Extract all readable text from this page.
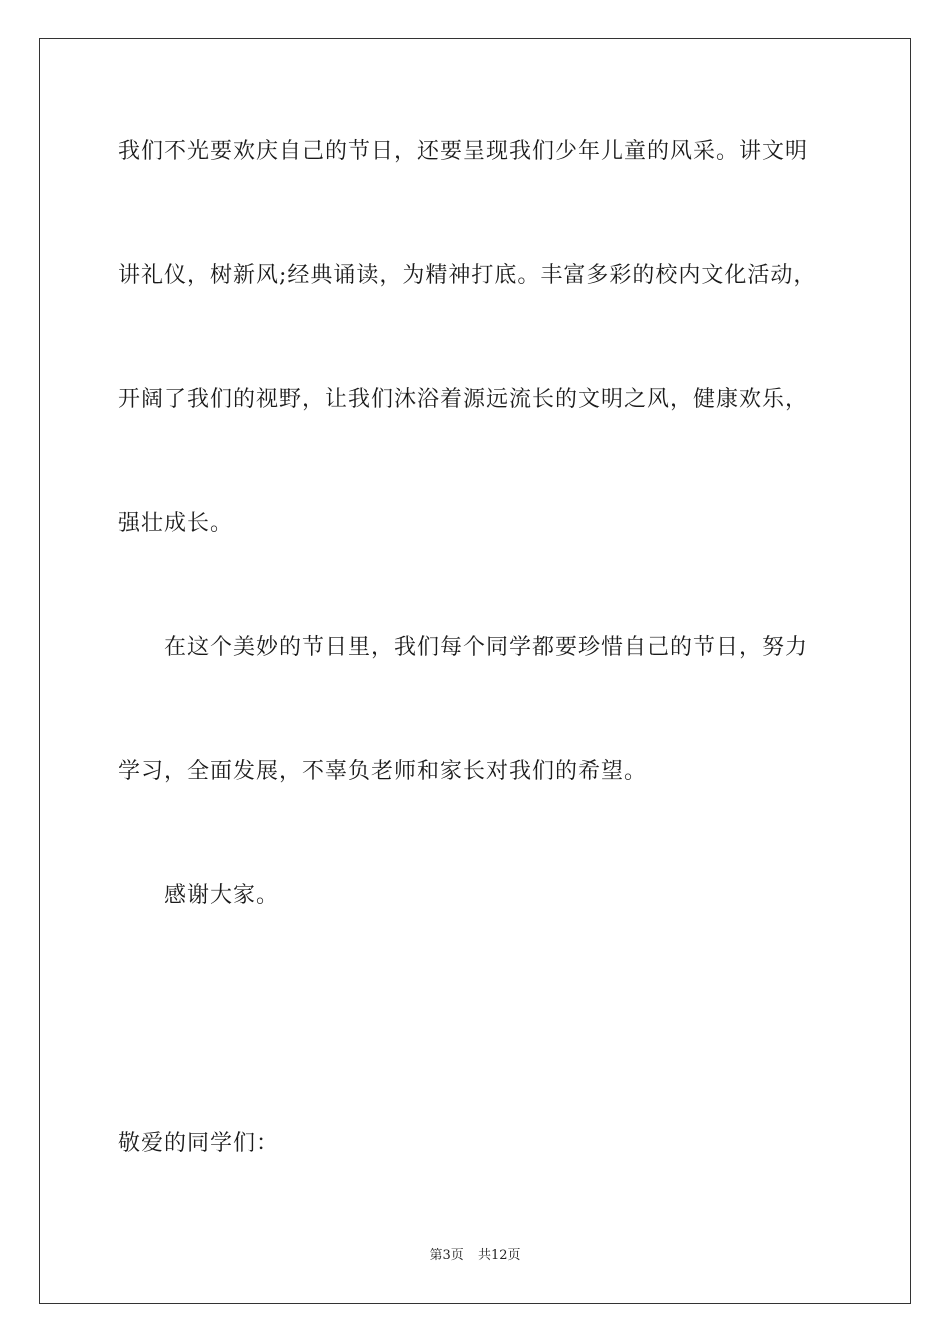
我们不光要欢庆自己的节日，还要呈现我们少年儿童的风采。讲文明
讲礼仪，树新风;经典诵读，为精神打底。丰富多彩的校内文化活动，
开阔了我们的视野，让我们沐浴着源远流长的文明之风，健康欢乐，
强壮成长。
在这个美妙的节日里，我们每个同学都要珍惜自己的节日，努力
学习，全面发展，不辜负老师和家长对我们的希望。
感谢大家。
敬爱的同学们：
第3页 共12页
